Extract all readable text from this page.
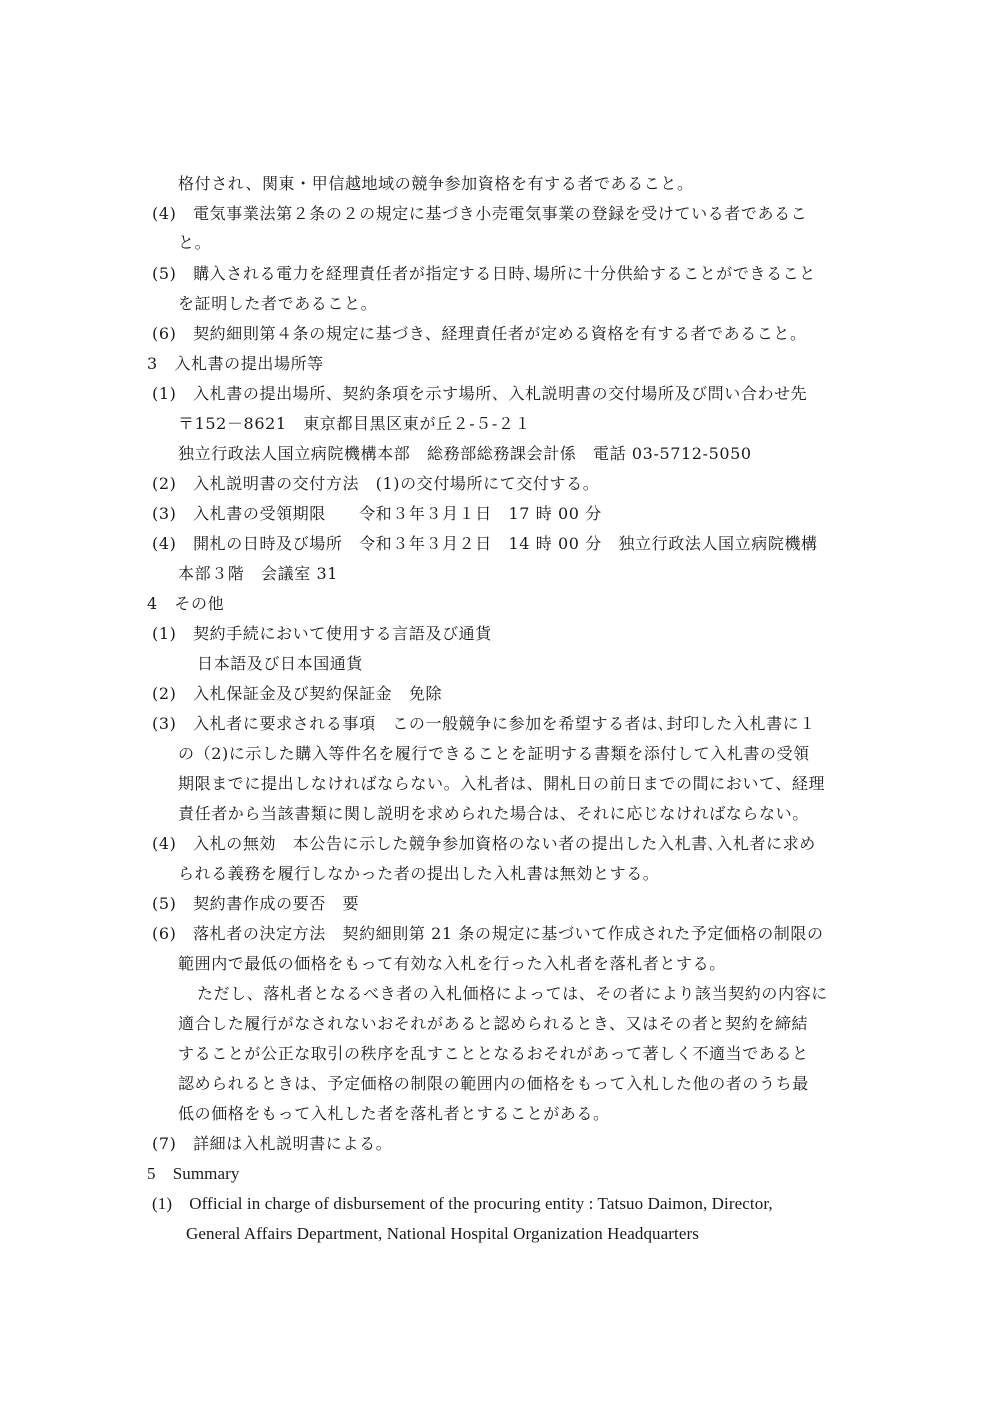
格付され、関東・甲信越地域の競争参加資格を有する者であること。
(4)　電気事業法第２条の２の規定に基づき小売電気事業の登録を受けている者であるこ
と。
(5)　購入される電力を経理責任者が指定する日時､場所に十分供給することができること
を証明した者であること。
(6)　契約細則第４条の規定に基づき、経理責任者が定める資格を有する者であること。
3　入札書の提出場所等
(1)　入札書の提出場所、契約条項を示す場所、入札説明書の交付場所及び問い合わせ先
〒152－8621　東京都目黒区東が丘２-５-２１
独立行政法人国立病院機構本部　総務部総務課会計係　電話 03-5712-5050
(2)　入札説明書の交付方法　(1)の交付場所にて交付する。
(3)　入札書の受領期限　　令和３年３月１日　17 時 00 分
(4)　開札の日時及び場所　令和３年３月２日　14 時 00 分　独立行政法人国立病院機構
本部３階　会議室 31
4　その他
(1)　契約手続において使用する言語及び通貨
日本語及び日本国通貨
(2)　入札保証金及び契約保証金　免除
(3)　入札者に要求される事項　この一般競争に参加を希望する者は､封印した入札書に１
の（2)に示した購入等件名を履行できることを証明する書類を添付して入札書の受領
期限までに提出しなければならない。入札者は、開札日の前日までの間において、経理
責任者から当該書類に関し説明を求められた場合は、それに応じなければならない。
(4)　入札の無効　本公告に示した競争参加資格のない者の提出した入札書､入札者に求め
られる義務を履行しなかった者の提出した入札書は無効とする。
(5)　契約書作成の要否　要
(6)　落札者の決定方法　契約細則第 21 条の規定に基づいて作成された予定価格の制限の
範囲内で最低の価格をもって有効な入札を行った入札者を落札者とする。
ただし、落札者となるべき者の入札価格によっては、その者により該当契約の内容に
適合した履行がなされないおそれがあると認められるとき、又はその者と契約を締結
することが公正な取引の秩序を乱すこととなるおそれがあって著しく不適当であると
認められるときは、予定価格の制限の範囲内の価格をもって入札した他の者のうち最
低の価格をもって入札した者を落札者とすることがある。
(7)　詳細は入札説明書による。
5　Summary
(1)　Official in charge of disbursement of the procuring entity : Tatsuo Daimon, Director,
General Affairs Department, National Hospital Organization Headquarters
